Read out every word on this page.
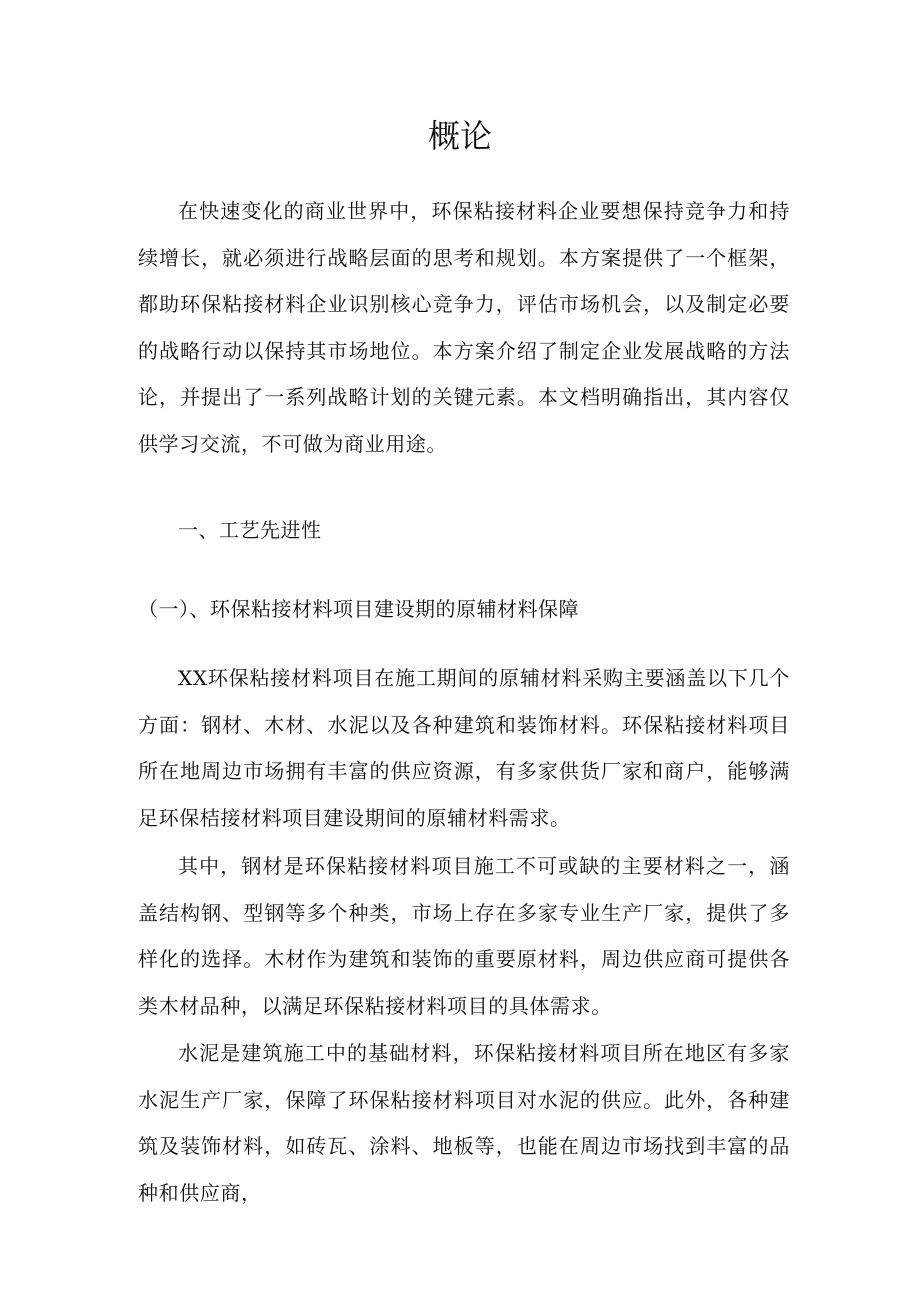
概论

在快速变化的商业世界中，环保粘接材料企业要想保持竞争力和持续增长，就必须进行战略层面的思考和规划。本方案提供了一个框架，都助环保粘接材料企业识别核心竞争力，评估市场机会，以及制定必要的战略行动以保持其市场地位。本方案介绍了制定企业发展战略的方法论，并提出了一系列战略计划的关键元素。本文档明确指出，其内容仅供学习交流，不可做为商业用途。

一、工艺先进性
（一）、环保粘接材料项目建设期的原辅材料保障

XX环保粘接材料项目在施工期间的原辅材料采购主要涵盖以下几个方面：钢材、木材、水泥以及各种建筑和装饰材料。环保粘接材料项目所在地周边市场拥有丰富的供应资源，有多家供货厂家和商户，能够满足环保桔接材料项目建设期间的原辅材料需求。

其中，钢材是环保粘接材料项目施工不可或缺的主要材料之一，涵盖结构钢、型钢等多个种类，市场上存在多家专业生产厂家，提供了多样化的选择。木材作为建筑和装饰的重要原材料，周边供应商可提供各类木材品种，以满足环保粘接材料项目的具体需求。

水泥是建筑施工中的基础材料，环保粘接材料项目所在地区有多家水泥生产厂家，保障了环保粘接材料项目对水泥的供应。此外，各种建筑及装饰材料，如砖瓦、涂料、地板等，也能在周边市场找到丰富的品种和供应商，
